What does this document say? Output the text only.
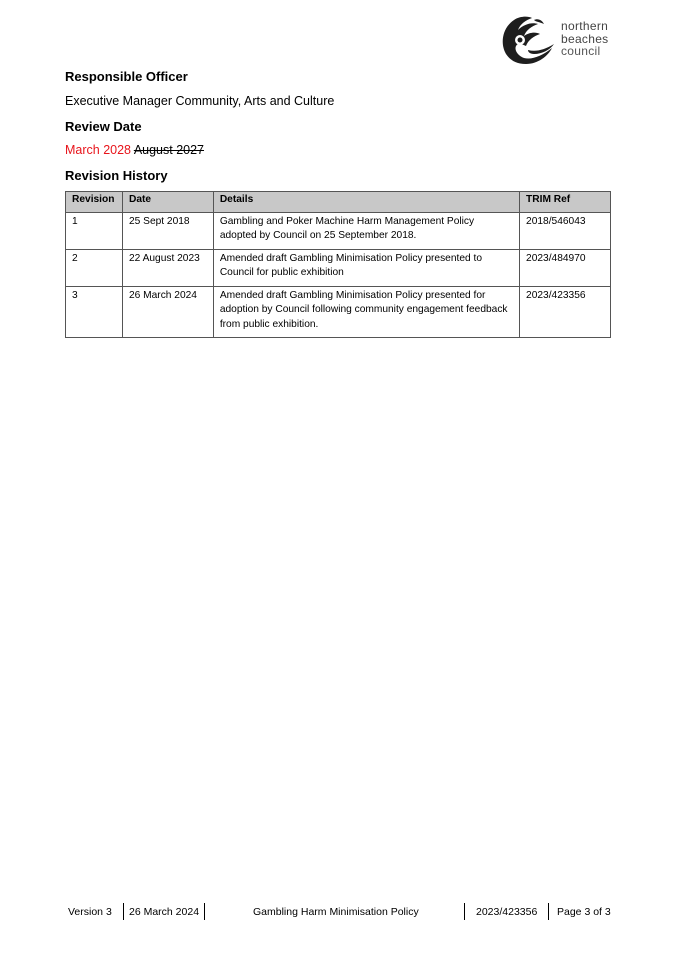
northern
beaches
council
Responsible Officer
Executive Manager Community, Arts and Culture
Review Date
March 2028 August 2027
Revision History
Revision	Date	Details	TRIM Ref
1	25 Sept 2018	Gambling and Poker Machine Harm Management Policy adopted by Council on 25 September 2018.	2018/546043
2	22 August 2023	Amended draft Gambling Minimisation Policy presented to Council for public exhibition	2023/484970
3	26 March 2024	Amended draft Gambling Minimisation Policy presented for adoption by Council following community engagement feedback from public exhibition.	2023/423356
Version 3 26 March 2024	Gambling Harm Minimisation Policy	2023/423356 Page 3 of 3
